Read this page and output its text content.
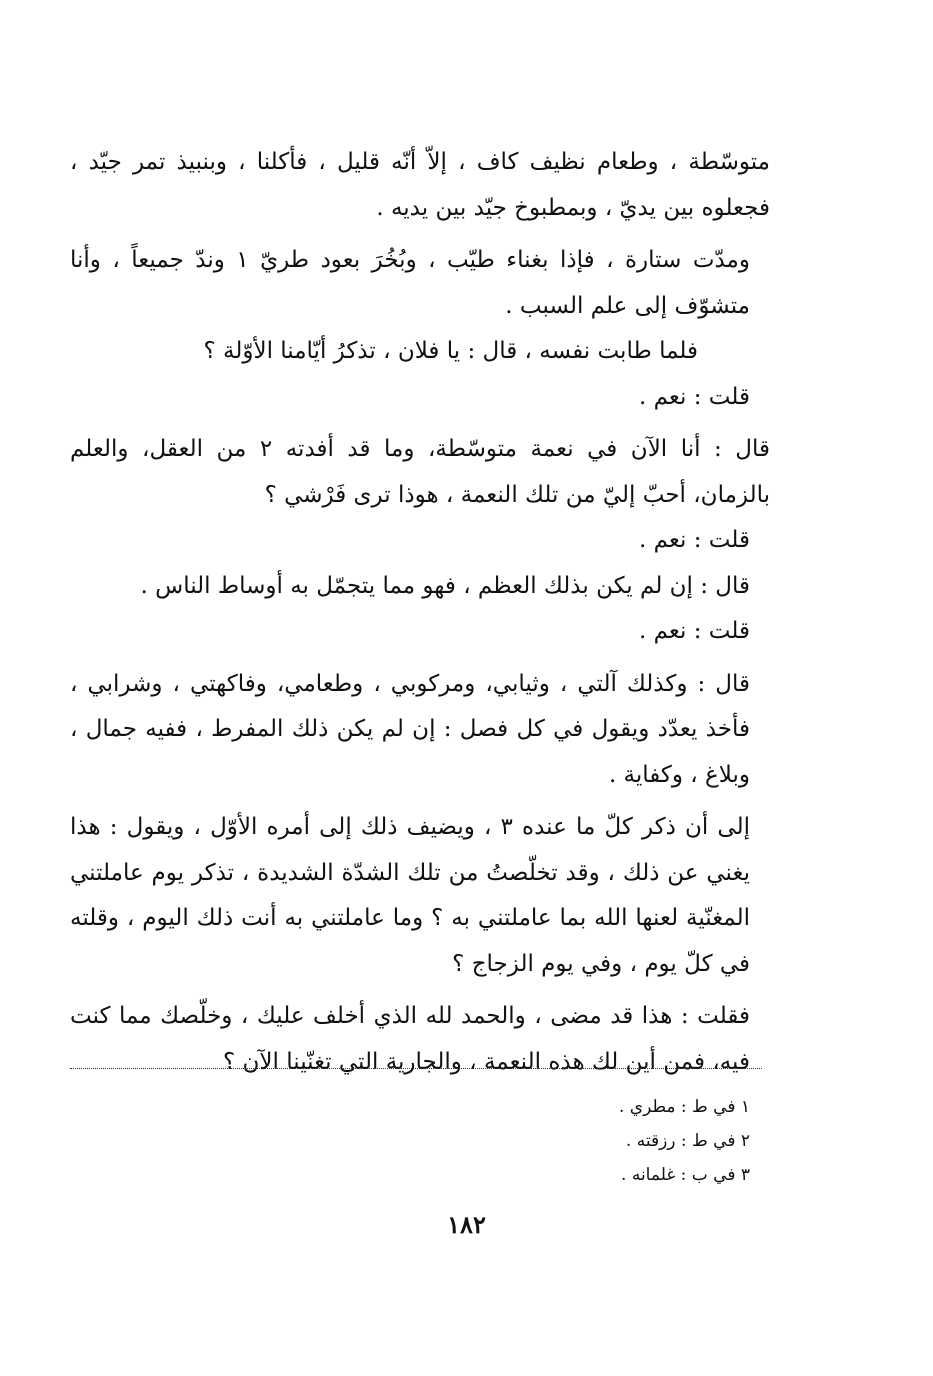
متوسّطة ، وطعام نظيف كاف ، إلاّ أنّه قليل ، فأكلنا ، وبنبيذ تمر جيّد ، فجعلوه بين يديّ ، وبمطبوخ جيّد بين يديه .

ومدّت ستارة ، فإذا بغناء طيّب ، وبُخُرَ بعود طريّ ١ وندّ جميعاً ، وأنا متشوّف إلى علم السبب .

فلما طابت نفسه ، قال : يا فلان ، تذكرُ أيّامنا الأوّلة ؟

قلت : نعم .

قال : أنا الآن في نعمة متوسّطة، وما قد أفدته ٢ من العقل، والعلم بالزمان، أحبّ إليّ من تلك النعمة ، هوذا ترى فَرْشي ؟

قلت : نعم .

قال : إن لم يكن بذلك العظم ، فهو مما يتجمّل به أوساط الناس .

قلت : نعم .

قال : وكذلك آلتي ، وثيابي، ومركوبي ، وطعامي، وفاكهتي ، وشرابي ، فأخذ يعدّد ويقول في كل فصل : إن لم يكن ذلك المفرط ، ففيه جمال ، وبلاغ ، وكفاية .

إلى أن ذكر كلّ ما عنده ٣ ، ويضيف ذلك إلى أمره الأوّل ، ويقول : هذا يغني عن ذلك ، وقد تخلّصتُ من تلك الشدّة الشديدة ، تذكر يوم عاملتني المغنّية لعنها الله بما عاملتني به ؟ وما عاملتني به أنت ذلك اليوم ، وقلته في كلّ يوم ، وفي يوم الزجاج ؟

فقلت : هذا قد مضى ، والحمد لله الذي أخلف عليك ، وخلّصك مما كنت فيه، فمن أين لك هذه النعمة ، والجارية التي تغنّينا الآن ؟

١ في ط : مطري .

٢ في ط : رزقته .

٣ في ب : غلمانه .

١٨٢
